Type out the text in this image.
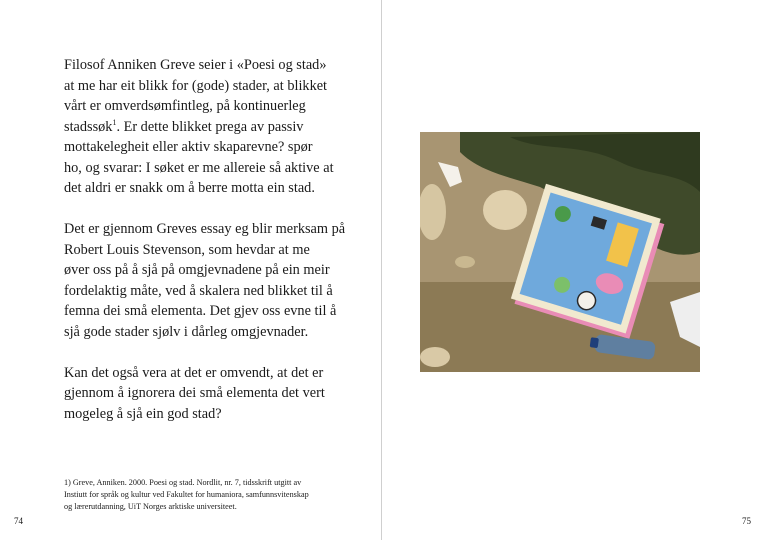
Filosof Anniken Greve seier i «Poesi og stad»
at me har eit blikk for (gode) stader, at blikket
vårt er omverdsømfintleg, på kontinuerleg
stadssøk$^1$. Er dette blikket prega av passiv
mottakelegheit eller aktiv skaparevne? spør
ho, og svarar: I søket er me allereie så aktive at
det aldri er snakk om å berre motta ein stad.

Det er gjennom Greves essay eg blir merksam på
Robert Louis Stevenson, som hevdar at me
øver oss på å sjå på omgjevnadene på ein meir
fordelaktig måte, ved å skalera ned blikket til å
femna dei små elementa. Det gjev oss evne til å
sjå gode stader sjølv i dårleg omgjevnader.

Kan det også vera at det er omvendt, at det er
gjennom å ignorera dei små elementa det vert
mogeleg å sjå ein god stad?

1) Greve, Anniken. 2000. Poesi og stad. Nordlit, nr. 7, tidsskrift utgitt av
Instiutt for språk og kultur ved Fakultet for humaniora, samfunnsvitenskap
og lærerutdanning, UiT Norges arktiske universiteet.
74	75
